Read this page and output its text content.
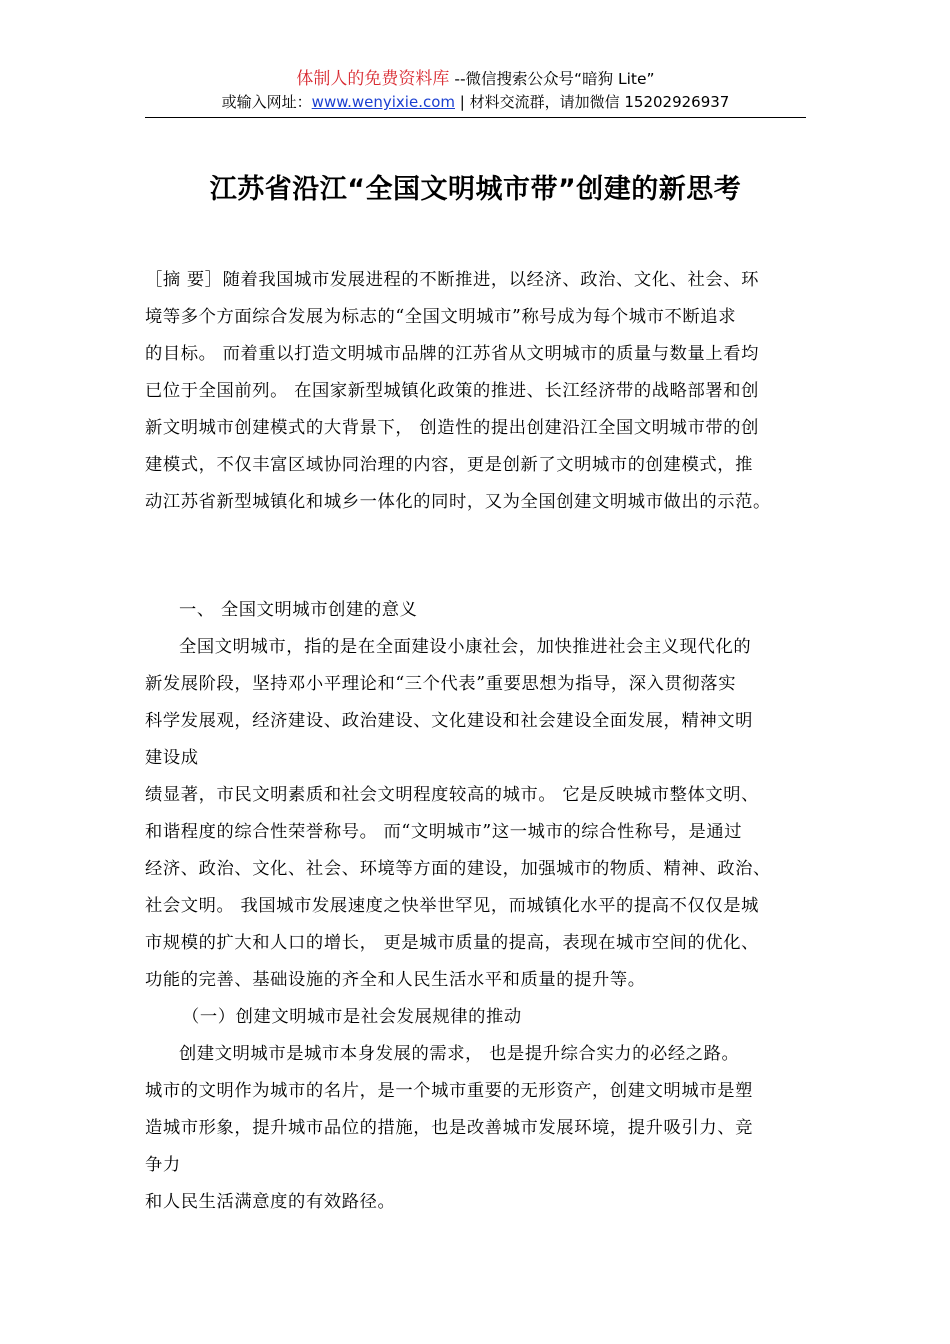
体制人的免费资料库 --微信搜索公众号“暗狗 Lite”
或输入网址：www.wenyixie.com | 材料交流群，请加微信 15202926937
江苏省沿江“全国文明城市带”创建的新思考

［摘 要］随着我国城市发展进程的不断推进，以经济、政治、文化、社会、环

境等多个方面综合发展为标志的“全国文明城市”称号成为每个城市不断追求

的目标。 而着重以打造文明城市品牌的江苏省从文明城市的质量与数量上看均

已位于全国前列。 在国家新型城镇化政策的推进、长江经济带的战略部署和创

新文明城市创建模式的大背景下， 创造性的提出创建沿江全国文明城市带的创

建模式，不仅丰富区域协同治理的内容，更是创新了文明城市的创建模式，推

动江苏省新型城镇化和城乡一体化的同时，又为全国创建文明城市做出的示范。

一、 全国文明城市创建的意义

全国文明城市，指的是在全面建设小康社会，加快推进社会主义现代化的

新发展阶段，坚持邓小平理论和“三个代表”重要思想为指导，深入贯彻落实

科学发展观，经济建设、政治建设、文化建设和社会建设全面发展，精神文明

建设成

绩显著，市民文明素质和社会文明程度较高的城市。 它是反映城市整体文明、

和谐程度的综合性荣誉称号。 而“文明城市”这一城市的综合性称号，是通过

经济、政治、文化、社会、环境等方面的建设，加强城市的物质、精神、政治、

社会文明。 我国城市发展速度之快举世罕见，而城镇化水平的提高不仅仅是城

市规模的扩大和人口的增长， 更是城市质量的提高，表现在城市空间的优化、

功能的完善、基础设施的齐全和人民生活水平和质量的提升等。

（一）创建文明城市是社会发展规律的推动

创建文明城市是城市本身发展的需求， 也是提升综合实力的必经之路。

城市的文明作为城市的名片，是一个城市重要的无形资产，创建文明城市是塑

造城市形象，提升城市品位的措施，也是改善城市发展环境，提升吸引力、竞

争力

和人民生活满意度的有效路径。
